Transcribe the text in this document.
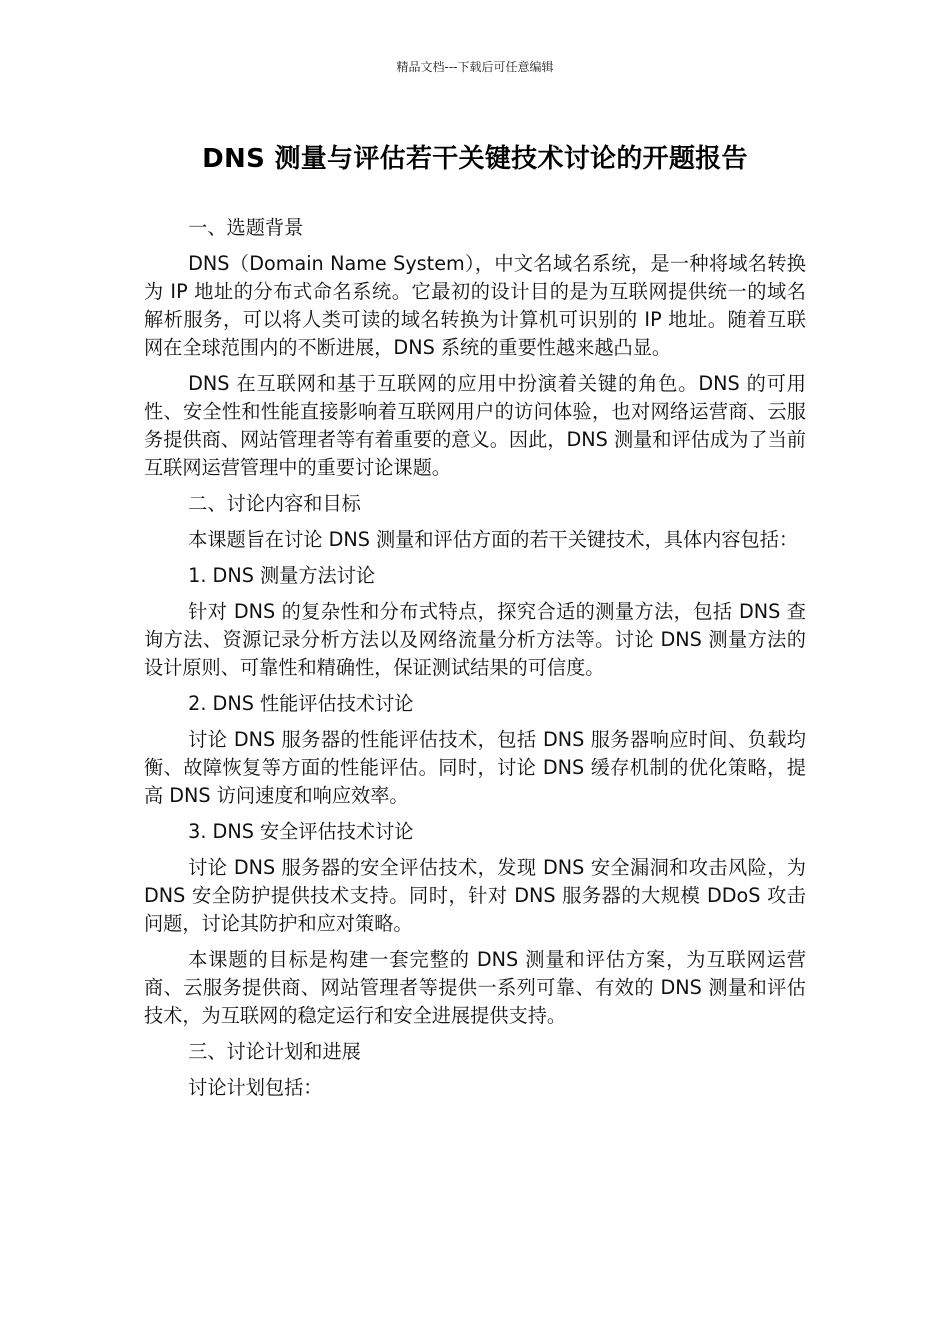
精品文档---下载后可任意编辑
DNS 测量与评估若干关键技术讨论的开题报告

一、选题背景

DNS（Domain Name System），中文名域名系统，是一种将域名转换为 IP 地址的分布式命名系统。它最初的设计目的是为互联网提供统一的域名解析服务，可以将人类可读的域名转换为计算机可识别的 IP 地址。随着互联网在全球范围内的不断进展，DNS 系统的重要性越来越凸显。

DNS 在互联网和基于互联网的应用中扮演着关键的角色。DNS 的可用性、安全性和性能直接影响着互联网用户的访问体验，也对网络运营商、云服务提供商、网站管理者等有着重要的意义。因此，DNS 测量和评估成为了当前互联网运营管理中的重要讨论课题。

二、讨论内容和目标

本课题旨在讨论 DNS 测量和评估方面的若干关键技术，具体内容包括：

1. DNS 测量方法讨论

针对 DNS 的复杂性和分布式特点，探究合适的测量方法，包括 DNS 查询方法、资源记录分析方法以及网络流量分析方法等。讨论 DNS 测量方法的设计原则、可靠性和精确性，保证测试结果的可信度。

2. DNS 性能评估技术讨论

讨论 DNS 服务器的性能评估技术，包括 DNS 服务器响应时间、负载均衡、故障恢复等方面的性能评估。同时，讨论 DNS 缓存机制的优化策略，提高 DNS 访问速度和响应效率。

3. DNS 安全评估技术讨论

讨论 DNS 服务器的安全评估技术，发现 DNS 安全漏洞和攻击风险，为 DNS 安全防护提供技术支持。同时，针对 DNS 服务器的大规模 DDoS 攻击问题，讨论其防护和应对策略。

本课题的目标是构建一套完整的 DNS 测量和评估方案，为互联网运营商、云服务提供商、网站管理者等提供一系列可靠、有效的 DNS 测量和评估技术，为互联网的稳定运行和安全进展提供支持。

三、讨论计划和进展

讨论计划包括：
